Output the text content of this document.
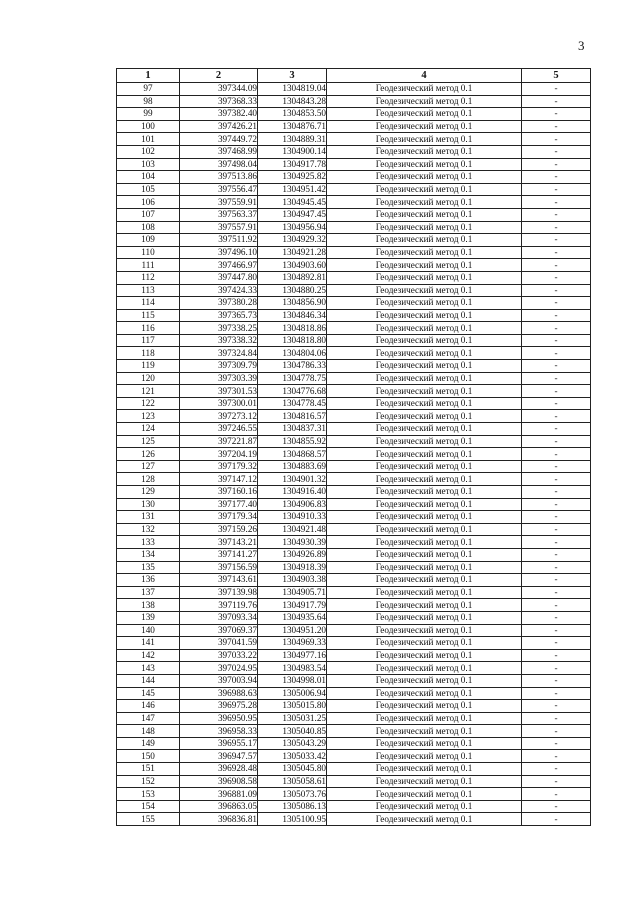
3
1	2	3	4	5
97	397344.09	1304819.04	Геодезический метод 0.1	-
98	397368.33	1304843.28	Геодезический метод 0.1	-
99	397382.40	1304853.50	Геодезический метод 0.1	-
100	397426.21	1304876.71	Геодезический метод 0.1	-
101	397449.72	1304889.31	Геодезический метод 0.1	-
102	397468.99	1304900.14	Геодезический метод 0.1	-
103	397498.04	1304917.78	Геодезический метод 0.1	-
104	397513.86	1304925.82	Геодезический метод 0.1	-
105	397556.47	1304951.42	Геодезический метод 0.1	-
106	397559.91	1304945.45	Геодезический метод 0.1	-
107	397563.37	1304947.45	Геодезический метод 0.1	-
108	397557.91	1304956.94	Геодезический метод 0.1	-
109	397511.92	1304929.32	Геодезический метод 0.1	-
110	397496.10	1304921.28	Геодезический метод 0.1	-
111	397466.97	1304903.60	Геодезический метод 0.1	-
112	397447.80	1304892.81	Геодезический метод 0.1	-
113	397424.33	1304880.25	Геодезический метод 0.1	-
114	397380.28	1304856.90	Геодезический метод 0.1	-
115	397365.73	1304846.34	Геодезический метод 0.1	-
116	397338.25	1304818.86	Геодезический метод 0.1	-
117	397338.32	1304818.80	Геодезический метод 0.1	-
118	397324.84	1304804.06	Геодезический метод 0.1	-
119	397309.79	1304786.33	Геодезический метод 0.1	-
120	397303.39	1304778.75	Геодезический метод 0.1	-
121	397301.53	1304776.68	Геодезический метод 0.1	-
122	397300.01	1304778.45	Геодезический метод 0.1	-
123	397273.12	1304816.57	Геодезический метод 0.1	-
124	397246.55	1304837.31	Геодезический метод 0.1	-
125	397221.87	1304855.92	Геодезический метод 0.1	-
126	397204.19	1304868.57	Геодезический метод 0.1	-
127	397179.32	1304883.69	Геодезический метод 0.1	-
128	397147.12	1304901.32	Геодезический метод 0.1	-
129	397160.16	1304916.40	Геодезический метод 0.1	-
130	397177.40	1304906.83	Геодезический метод 0.1	-
131	397179.34	1304910.33	Геодезический метод 0.1	-
132	397159.26	1304921.48	Геодезический метод 0.1	-
133	397143.21	1304930.39	Геодезический метод 0.1	-
134	397141.27	1304926.89	Геодезический метод 0.1	-
135	397156.59	1304918.39	Геодезический метод 0.1	-
136	397143.61	1304903.38	Геодезический метод 0.1	-
137	397139.98	1304905.71	Геодезический метод 0.1	-
138	397119.76	1304917.79	Геодезический метод 0.1	-
139	397093.34	1304935.64	Геодезический метод 0.1	-
140	397069.37	1304951.20	Геодезический метод 0.1	-
141	397041.59	1304969.33	Геодезический метод 0.1	-
142	397033.22	1304977.16	Геодезический метод 0.1	-
143	397024.95	1304983.54	Геодезический метод 0.1	-
144	397003.94	1304998.01	Геодезический метод 0.1	-
145	396988.63	1305006.94	Геодезический метод 0.1	-
146	396975.28	1305015.80	Геодезический метод 0.1	-
147	396950.95	1305031.25	Геодезический метод 0.1	-
148	396958.33	1305040.85	Геодезический метод 0.1	-
149	396955.17	1305043.29	Геодезический метод 0.1	-
150	396947.57	1305033.42	Геодезический метод 0.1	-
151	396928.48	1305045.80	Геодезический метод 0.1	-
152	396908.58	1305058.61	Геодезический метод 0.1	-
153	396881.09	1305073.76	Геодезический метод 0.1	-
154	396863.05	1305086.13	Геодезический метод 0.1	-
155	396836.81	1305100.95	Геодезический метод 0.1	-
